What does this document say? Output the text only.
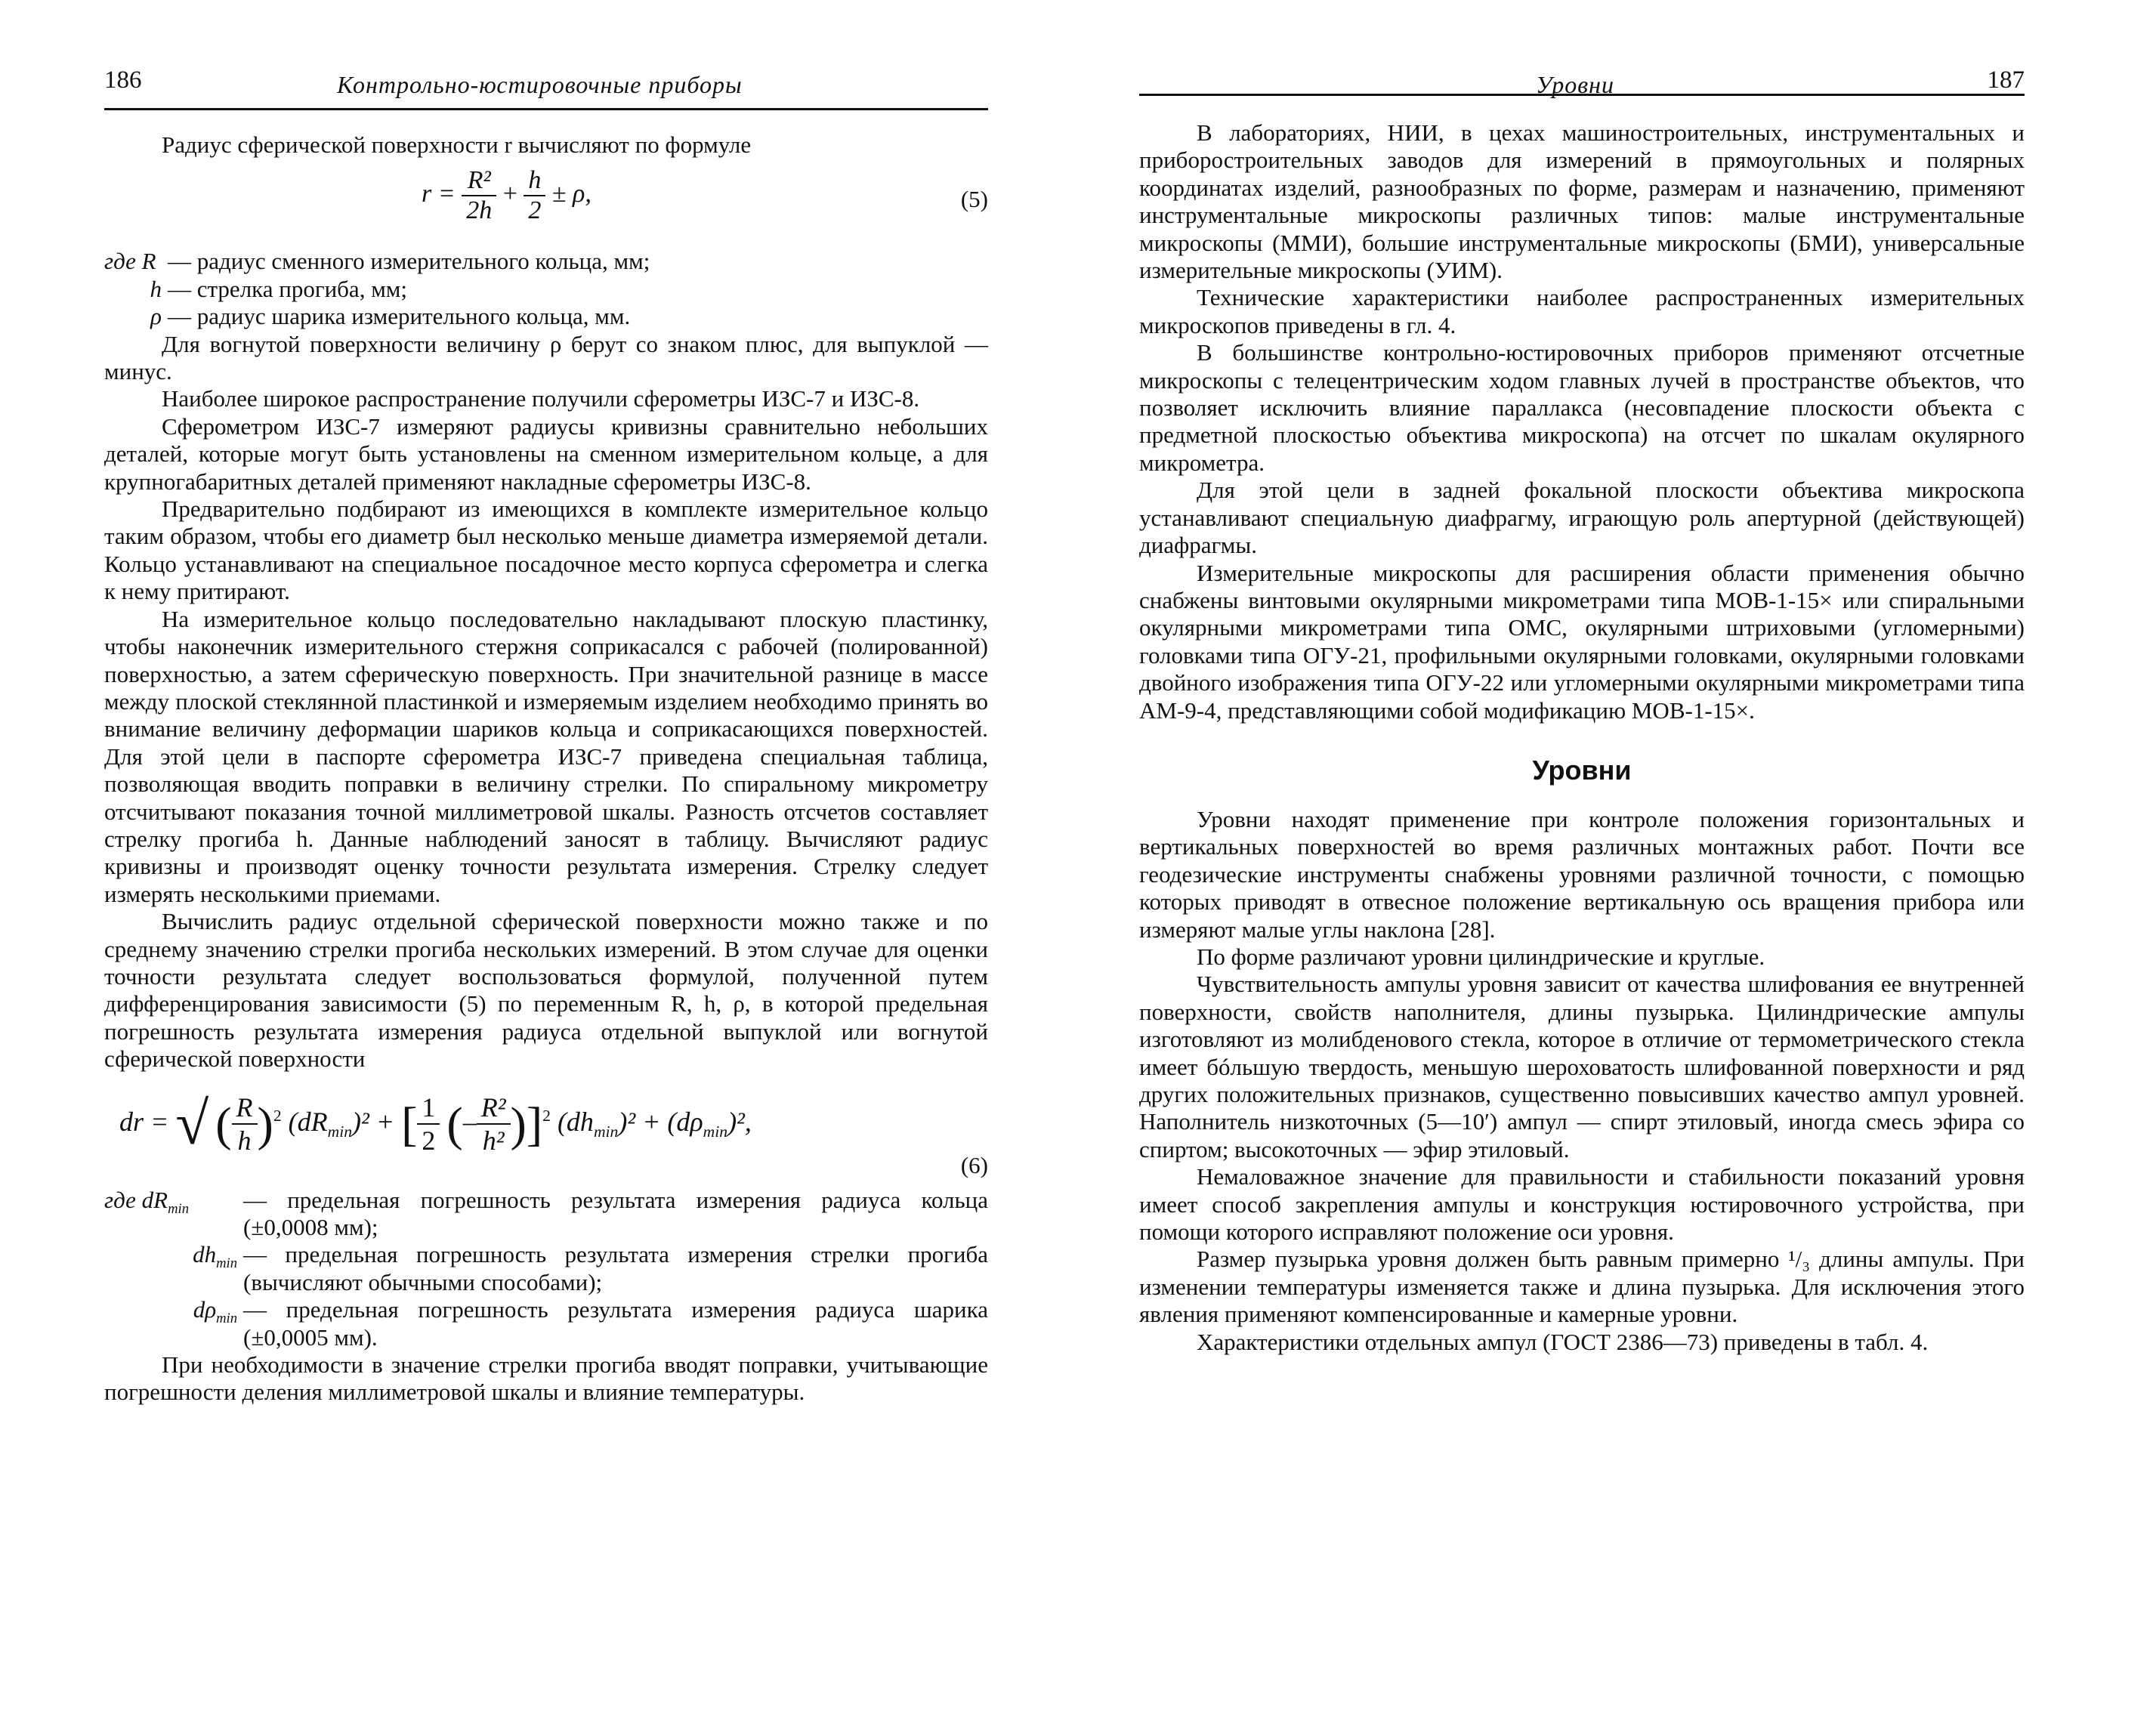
186	Контрольно-юстировочные приборы

Радиус сферической поверхности r вычисляют по формуле

$r = \frac{\text{R²}}{2h} + \frac{h}{2} \pm \rho$,	(5)
где R — радиус сменного измерительного кольца, мм;
h — стрелка прогиба, мм;
ρ — радиус шарика измерительного кольца, мм.

Для вогнутой поверхности величину ρ берут со знаком плюс, для выпуклой — минус.

Наиболее широкое распространение получили сферометры ИЗС-7 и ИЗС-8.

Сферометром ИЗС-7 измеряют радиусы кривизны сравнительно небольших деталей, которые могут быть установлены на сменном измерительном кольце, а для крупногабаритных деталей применяют накладные сферометры ИЗС-8.

Предварительно подбирают из имеющихся в комплекте измерительное кольцо таким образом, чтобы его диаметр был несколько меньше диаметра измеряемой детали. Кольцо устанавливают на специальное посадочное место корпуса сферометра и слегка к нему притирают.

На измерительное кольцо последовательно накладывают плоскую пластинку, чтобы наконечник измерительного стержня соприкасался с рабочей (полированной) поверхностью, а затем сферическую поверхность. При значительной разнице в массе между плоской стеклянной пластинкой и измеряемым изделием необходимо принять во внимание величину деформации шариков кольца и соприкасающихся поверхностей. Для этой цели в паспорте сферометра ИЗС-7 приведена специальная таблица, позволяющая вводить поправки в величину стрелки. По спиральному микрометру отсчитывают показания точной миллиметровой шкалы. Разность отсчетов составляет стрелку прогиба h. Данные наблюдений заносят в таблицу. Вычисляют радиус кривизны и производят оценку точности результата измерения. Стрелку следует измерять несколькими приемами.

Вычислить радиус отдельной сферической поверхности можно также и по среднему значению стрелки прогиба нескольких измерений. В этом случае для оценки точности результата следует воспользоваться формулой, полученной путем дифференцирования зависимости (5) по переменным R, h, ρ, в которой предельная погрешность результата измерения радиуса отдельной выпуклой или вогнутой сферической поверхности

dr = √ ( $\frac{R}{h} )^2$ $(dR_{min})^2$ + [ $\frac{1}{2}$ (– $\frac{\text{R²}}{\text{h²}} )]^2$ $(dh_{min})^2 + (d\rho_{min})^2$,
(6)
где $dR_{min}$	— предельная погрешность результата измерения радиуса кольца (±0,0008 мм);
$dh_{min}$ — предельная погрешность результата измерения стрелки прогиба (вычисляют обычными способами);
$d\rho_{min}$ — предельная погрешность результата измерения радиуса шарика (±0,0005 мм).

При необходимости в значение стрелки прогиба вводят поправки, учитывающие погрешности деления миллиметровой шкалы и влияние температуры.

Уровни	187

В лабораториях, НИИ, в цехах машиностроительных, инструментальных и приборостроительных заводов для измерений в прямоугольных и полярных координатах изделий, разнообразных по форме, размерам и назначению, применяют инструментальные микроскопы различных типов: малые инструментальные микроскопы (ММИ), большие инструментальные микроскопы (БМИ), универсальные измерительные микроскопы (УИМ).

Технические характеристики наиболее распространенных измерительных микроскопов приведены в гл. 4.

В большинстве контрольно-юстировочных приборов применяют отсчетные микроскопы с телецентрическим ходом главных лучей в пространстве объектов, что позволяет исключить влияние параллакса (несовпадение плоскости объекта с предметной плоскостью объектива микроскопа) на отсчет по шкалам окулярного микрометра.

Для этой цели в задней фокальной плоскости объектива микроскопа устанавливают специальную диафрагму, играющую роль апертурной (действующей) диафрагмы.

Измерительные микроскопы для расширения области применения обычно снабжены винтовыми окулярными микрометрами типа МОВ-1-15× или спиральными окулярными микрометрами типа ОМС, окулярными штриховыми (угломерными) головками типа ОГУ-21, профильными окулярными головками, окулярными головками двойного изображения типа ОГУ-22 или угломерными окулярными микрометрами типа АМ-9-4, представляющими собой модификацию МОВ-1-15×.

Уровни

Уровни находят применение при контроле положения горизонтальных и вертикальных поверхностей во время различных монтажных работ. Почти все геодезические инструменты снабжены уровнями различной точности, с помощью которых приводят в отвесное положение вертикальную ось вращения прибора или измеряют малые углы наклона [28].

По форме различают уровни цилиндрические и круглые.

Чувствительность ампулы уровня зависит от качества шлифования ее внутренней поверхности, свойств наполнителя, длины пузырька. Цилиндрические ампулы изготовляют из молибденового стекла, которое в отличие от термометрического стекла имеет бóльшую твердость, меньшую шероховатость шлифованной поверхности и ряд других положительных признаков, существенно повысивших качество ампул уровней. Наполнитель низкоточных (5—10′) ампул — спирт этиловый, иногда смесь эфира со спиртом; высокоточных — эфир этиловый.

Немаловажное значение для правильности и стабильности показаний уровня имеет способ закрепления ампулы и конструкция юстировочного устройства, при помощи которого исправляют положение оси уровня.

Размер пузырька уровня должен быть равным примерно ¹/₃ длины ампулы. При изменении температуры изменяется также и длина пузырька. Для исключения этого явления применяют компенсированные и камерные уровни.

Характеристики отдельных ампул (ГОСТ 2386—73) приведены в табл. 4.
